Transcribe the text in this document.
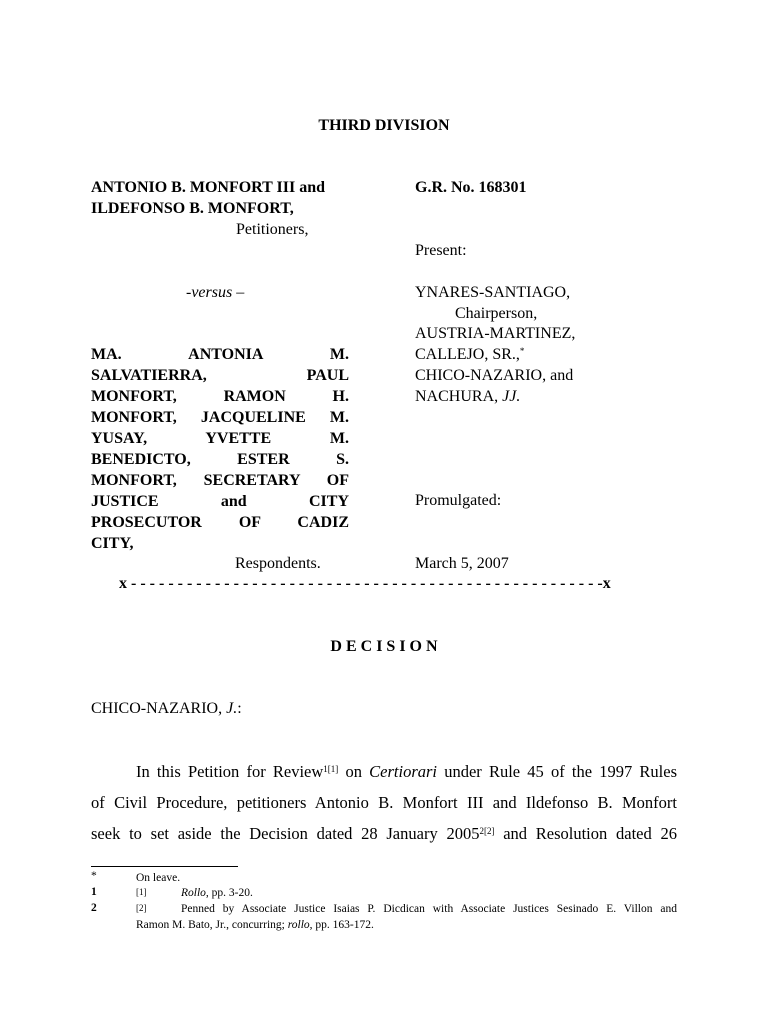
THIRD DIVISION
ANTONIO B. MONFORT III and
ILDEFONSO B. MONFORT,
Petitioners,
-versus –
MA. ANTONIA M.
SALVATIERRA, PAUL
MONFORT, RAMON H.
MONFORT, JACQUELINE M.
YUSAY, YVETTE M.
BENEDICTO, ESTER S.
MONFORT, SECRETARY OF
JUSTICE and CITY
PROSECUTOR OF CADIZ
CITY,
Respondents.
G.R. No. 168301
Present:
YNARES-SANTIAGO,
Chairperson,
AUSTRIA-MARTINEZ,
CALLEJO, SR.,*
CHICO-NAZARIO, and
NACHURA, JJ.
Promulgated:
March 5, 2007
x - - - - - - - - - - - - - - - - - - - - - - - - - - - - - - - - - - - - - - - - - - - - - - - - - - -x
D E C I S I O N
CHICO-NAZARIO, J.:
In this Petition for Review$^{1[1]}$ on Certiorari under Rule 45 of the 1997 Rules
of Civil Procedure, petitioners Antonio B. Monfort III and Ildefonso B. Monfort
seek to set aside the Decision dated 28 January $2005^{2[2]}$ and Resolution dated 26
*	On leave.
1	[1]	Rollo, pp. 3-20.
2	[2]	Penned by Associate Justice Isaias P. Dicdican with Associate Justices Sesinado E. Villon and
Ramon M. Bato, Jr., concurring; rollo, pp. 163-172.
